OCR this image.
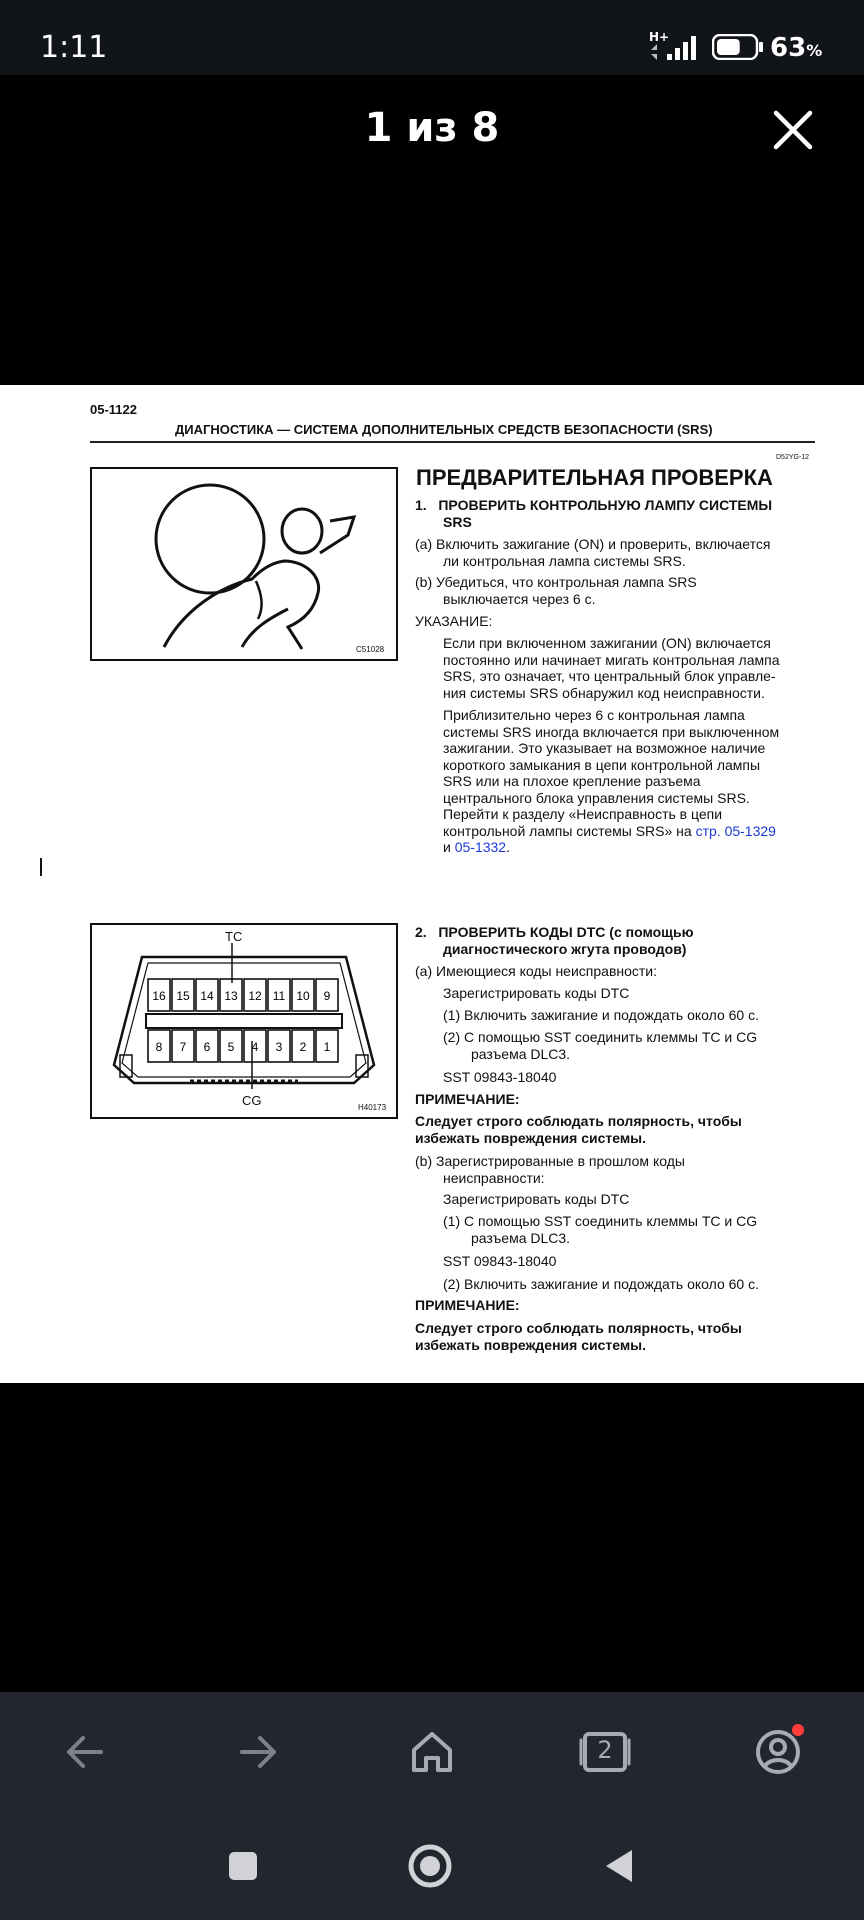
1:11	H+	63%
1 из 8
05-1122
ДИАГНОСТИКА — СИСТЕМА ДОПОЛНИТЕЛЬНЫХ СРЕДСТВ БЕЗОПАСНОСТИ (SRS)
D52YG-12
C51028
ПРЕДВАРИТЕЛЬНАЯ ПРОВЕРКА
1. ПРОВЕРИТЬ КОНТРОЛЬНУЮ ЛАМПУ СИСТЕМЫ
SRS
(a) Включить зажигание (ON) и проверить, включается
ли контрольная лампа системы SRS.
(b) Убедиться, что контрольная лампа SRS
выключается через 6 с.
УКАЗАНИЕ:
Если при включенном зажигании (ON) включается
постоянно или начинает мигать контрольная лампа
SRS, это означает, что центральный блок управле-
ния системы SRS обнаружил код неисправности.
Приблизительно через 6 с контрольная лампа
системы SRS иногда включается при выключенном
зажигании. Это указывает на возможное наличие
короткого замыкания в цепи контрольной лампы
SRS или на плохое крепление разъема
центрального блока управления системы SRS.
Перейти к разделу «Неисправность в цепи
контрольной лампы системы SRS» на стр. 05-1329
и 05-1332.
TC
16 15 14 13 12 11 10 9
8 7 6 5 4 3 2 1
CG	H40173
2. ПРОВЕРИТЬ КОДЫ DTC (с помощью
диагностического жгута проводов)
(a) Имеющиеся коды неисправности:
Зарегистрировать коды DTC
(1) Включить зажигание и подождать около 60 с.
(2) С помощью SST соединить клеммы TC и CG
разъема DLC3.
SST 09843-18040
ПРИМЕЧАНИЕ:
Следует строго соблюдать полярность, чтобы
избежать повреждения системы.
(b) Зарегистрированные в прошлом коды
неисправности:
Зарегистрировать коды DTC
(1) С помощью SST соединить клеммы TC и CG
разъема DLC3.
SST 09843-18040
(2) Включить зажигание и подождать около 60 с.
ПРИМЕЧАНИЕ:
Следует строго соблюдать полярность, чтобы
избежать повреждения системы.
2
